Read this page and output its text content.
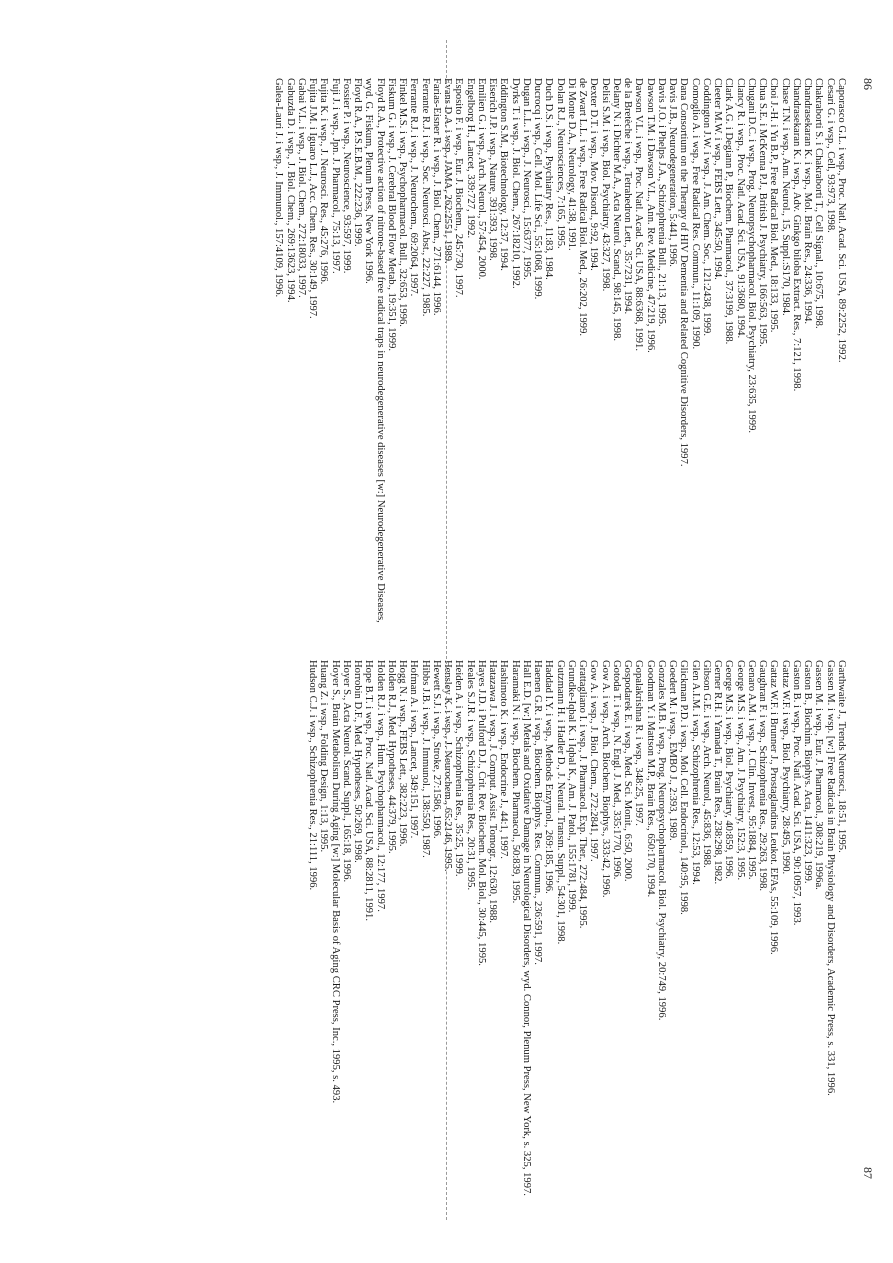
86
87
Caporasco G.L. i wsp., Proc. Natl. Acad. Sci. USA, 89:2252, 1992.
Cesari G. i wsp., Cell, 93:973, 1998.
Chakraborti S. i Chakraborti T., Cell Signal., 10:675, 1998.
Chandrasekaran K. i wsp., Mol. Brain Res., 24:336, 1994.
Chandrasekaran K. i wsp., Adv. Ginkgo biloba Extract. Res., 7:121, 1998.
Chase T.N. i wsp., Ann. Neurol., 15, Suppl.:S170, 1984.
Choi J.-H. i Yu B.P., Free Radical Biol. Med., 18:133, 1995.
Chua S.E. i McKenna P.J., British J. Psychiatry, 166:563, 1995.
Chugani D.C. i wsp., Prog. Neuropsychopharmacol. Biol. Psychiatry, 23:635, 1999.
Clancy R. i wsp., Proc. Natl. Acad. Sci. USA, 91:3680, 1994.
Clark A.G. i Degiann P., Biochem. Pharmacol., 37:3199, 1988.
Cleeter M.W. i wsp., FEBS Lett., 345:50, 1994.
Coddington J.W. i wsp., J. Am. Chem. Soc., 121:2438, 1999.
Comoglio A. i wsp., Free Radical Res. Commun., 11:109, 1990.
Dana Consortium on the Therapy of HIV Dementia and Related Cognitive Disorders, 1997.
Davis J.B., Neurodegeneration, 5:441, 1996.
Davis J.O. i Phelps J.A., Schizophrenia Bull., 21:13, 1995.
Dawson T.M. i Dawson V.L., Ann. Rev. Medicine, 47:219, 1996.
Dawson V.L. i wsp., Proc. Natl. Acad. Sci. USA, 88:6368, 1991.
de la Bretèche i wsp., Tetrahedron Lett., 35:7231, 1994.
Delany N. i Dichter M.A., Acta Neurol. Scand., 98:145, 1998.
Delisi S.M. i wsp., Biol. Psychiatry, 43:327, 1998.
Dexter D.T. i wsp., Mov. Disord., 9:92, 1994.
de Zwart L.L. i wsp., Free Radical Biol. Med., 26:202, 1999.
Di Monte D.A., Neurology, 41:38, 1991.
Dolan R.J., Neurosciences, 7:165, 1995.
Duch D.S. i wsp., Psychiatry Res., 11:83, 1984.
Ducrocq i wsp., Cell. Mol. Life Sci., 55:1068, 1999.
Dugan L.L. i wsp., J. Neurosci., 15:6377, 1995.
Dyrks T. i wsp., J. Biol. Chem., 267:18210, 1992.
Eddington S.M., Biotechnology, 12:37, 1994.
Eiserich J.P. i wsp., Nature, 391:393, 1998.
Emilien G. i wsp., Arch. Neurol., 57:454, 2000.
Engelborg H., Lancet, 339:727, 1992.
Esposito F. i wsp., Eur. J. Biochem., 245:730, 1997.
Evans D.A. i wsp., JAMA, 262:2551, 1989.
Farias-Eisner R. i wsp., J. Biol. Chem., 271:6144, 1996.
Ferrante R.J. i wsp., Soc. Neurosci. Abst., 22:227, 1985.
Ferrante R.J. i wsp., J. Neurochem., 69:2064, 1997.
Finkel M.S. i wsp., Psychopharmacol. Bull., 32:653, 1996.
Fiskum G. i wsp., J. Cerebral Blood Flow Metab., 19:351, 1999.
Floyd R.A., Protective action of nitrone-based free radical traps in neurodegenerative diseases [w:] Neurodegenerative Diseases, wyd. G. Fiskum, Plenum Press, New York 1996.
Floyd R.A., P.S.E.B.M., 222:236, 1999.
Fossier P. i wsp., Neuroscience, 93:597, 1999.
Fuji J. i wsp., Jpn. J. Pharmacol., 75:13, 1997.
Fujita K. i wsp., J. Neurosci. Res., 45:276, 1996.
Fujita J.M. i Iguaro L.J., Acc. Chem. Res., 30:149, 1997.
Gabai V.L. i wsp., J. Biol. Chem., 272:18033, 1997.
Gabuzda D. i wsp., J. Biol. Chem., 269:13623, 1994.
Galea-Lauri J. i wsp., J. Immunol., 157:4109, 1996.
Garthwaite J., Trends Neurosci., 18:51, 1995.
Gassen M. i wsp. [w:] Free Radicals in Brain Physiology and Disorders, Academic Press, s. 331, 1996.
Gassen M. i wsp., Eur. J. Pharmacol., 308:219, 1996a.
Gaston B., Biochim. Biophys. Acta, 1411:323, 1999.
Gaston B. i wsp., Proc. Natl. Acad. Sci. USA, 90:10957, 1993.
Gattaz W.F. i wsp., Biol. Psychiatry, 28:495, 1990.
Gattaz W.F. i Brunner J., Prostaglandins Leukot. EFAs, 55:109, 1996.
Gaughran F. i wsp., Schizophrenia Res., 29:263, 1998.
Genaro A.M. i wsp., J. Clin. Invest., 95:1884, 1995.
George M.S. i wsp., Am. J. Psychiatry, 152:3, 1995.
George M.S. i wsp., Biol. Psychiatry, 40:859, 1996.
Gerner R.H. i Yamada T., Brain Res., 238:298, 1982.
Gibson G.E. i wsp., Arch. Neurol., 45:836, 1988.
Glen A.I.M. i wsp., Schizophrenia Res., 12:53, 1994.
Glickman P.D. i wsp., Mol. Cell. Endocrinol., 140:95, 1998.
Goedert M. i wsp., EMBO J., 2:393, 1989.
Gonzales M.B. i wsp., Prog. Neuropsychopharmacol. Biol. Psychiatry, 20:749, 1996.
Goodman Y. i Mattson M.P., Brain Res., 650:170, 1994.
Gopalakrishna R. i wsp., 348:25, 1997.
Gospodarek E. i wsp., Med. Sci. Monit., 6:50, 2000.
Gotoda T. i wsp., N. Engl. J. Med., 335:1770, 1996.
Gow A. i wsp., Arch. Biochem. Biophys., 333:42, 1996.
Gow A. i wsp., J. Biol. Chem., 272:2841, 1997.
Grattagliano I. i wsp., J. Pharmacol. Exp. Ther., 272:484, 1995.
Grundke-Iqbal K. i Iqbal K., Am. J. Patol., 155:1781, 1999.
Gutzmann H. i Hadler D., J. Neural. Transm. Suppl., 54:301, 1998.
Haddad I.Y. i wsp., Methods Enzymol., 269:185, 1996.
Haenen G.R. i wsp., Biochem. Biophys. Res. Commun., 236:591, 1997.
Hall E.D. [w:] Metals and Oxidative Damage in Neurological Disorders, wyd. Connor, Plenum Press, New York, s. 325, 1997.
Haramaki N. i wsp., Biochem. Pharmacol., 50:839, 1995.
Hashimoto K. i wsp., Endocrine J., 44:1, 1997.
Hatazawa J. i wsp., J. Comput. Assist. Tomogr., 12:630, 1988.
Hayes J.D. i Pulford D.J., Crit. Rev. Biochem. Mol. Biol., 30:445, 1995.
Heales S.J.R. i wsp., Schizophrenia Res., 20:31, 1995.
Heiden A. i wsp., Schizophrenia Res., 35:25, 1999.
Hensley K. i wsp., J. Neurochem., 65:2146, 1995.
Hewett S.J. i wsp., Stroke, 27:1586, 1996.
Hibbs J.B. i wsp., J. Immunol., 138:550, 1987.
Hofman A. i wsp., Lancet, 349:151, 1997.
Hogg N. i wsp., FEBS Lett., 382:223, 1996.
Holden R.J., Med. Hypotheses, 44:379, 1995.
Holden R.J. i wsp., Hum. Psychopharmacol., 12:177, 1997.
Hope B.T. i wsp., Proc. Natl. Acad. Sci. USA, 88:2811, 1991.
Horrobin D.F., Med. Hypotheses, 50:269, 1998.
Hoyer S., Acta Neurol. Scand. Suppl., 165:18, 1996.
Hoyer S., Brain Metabolism During Aging [w:] Molecular Basis of Aging CRC Press, Inc., 1995, s. 493.
Huang Z. i wsp., Folding Design, 1:13, 1995.
Hudson C.J. i wsp., Schizophrenia Res., 21:111, 1996.
